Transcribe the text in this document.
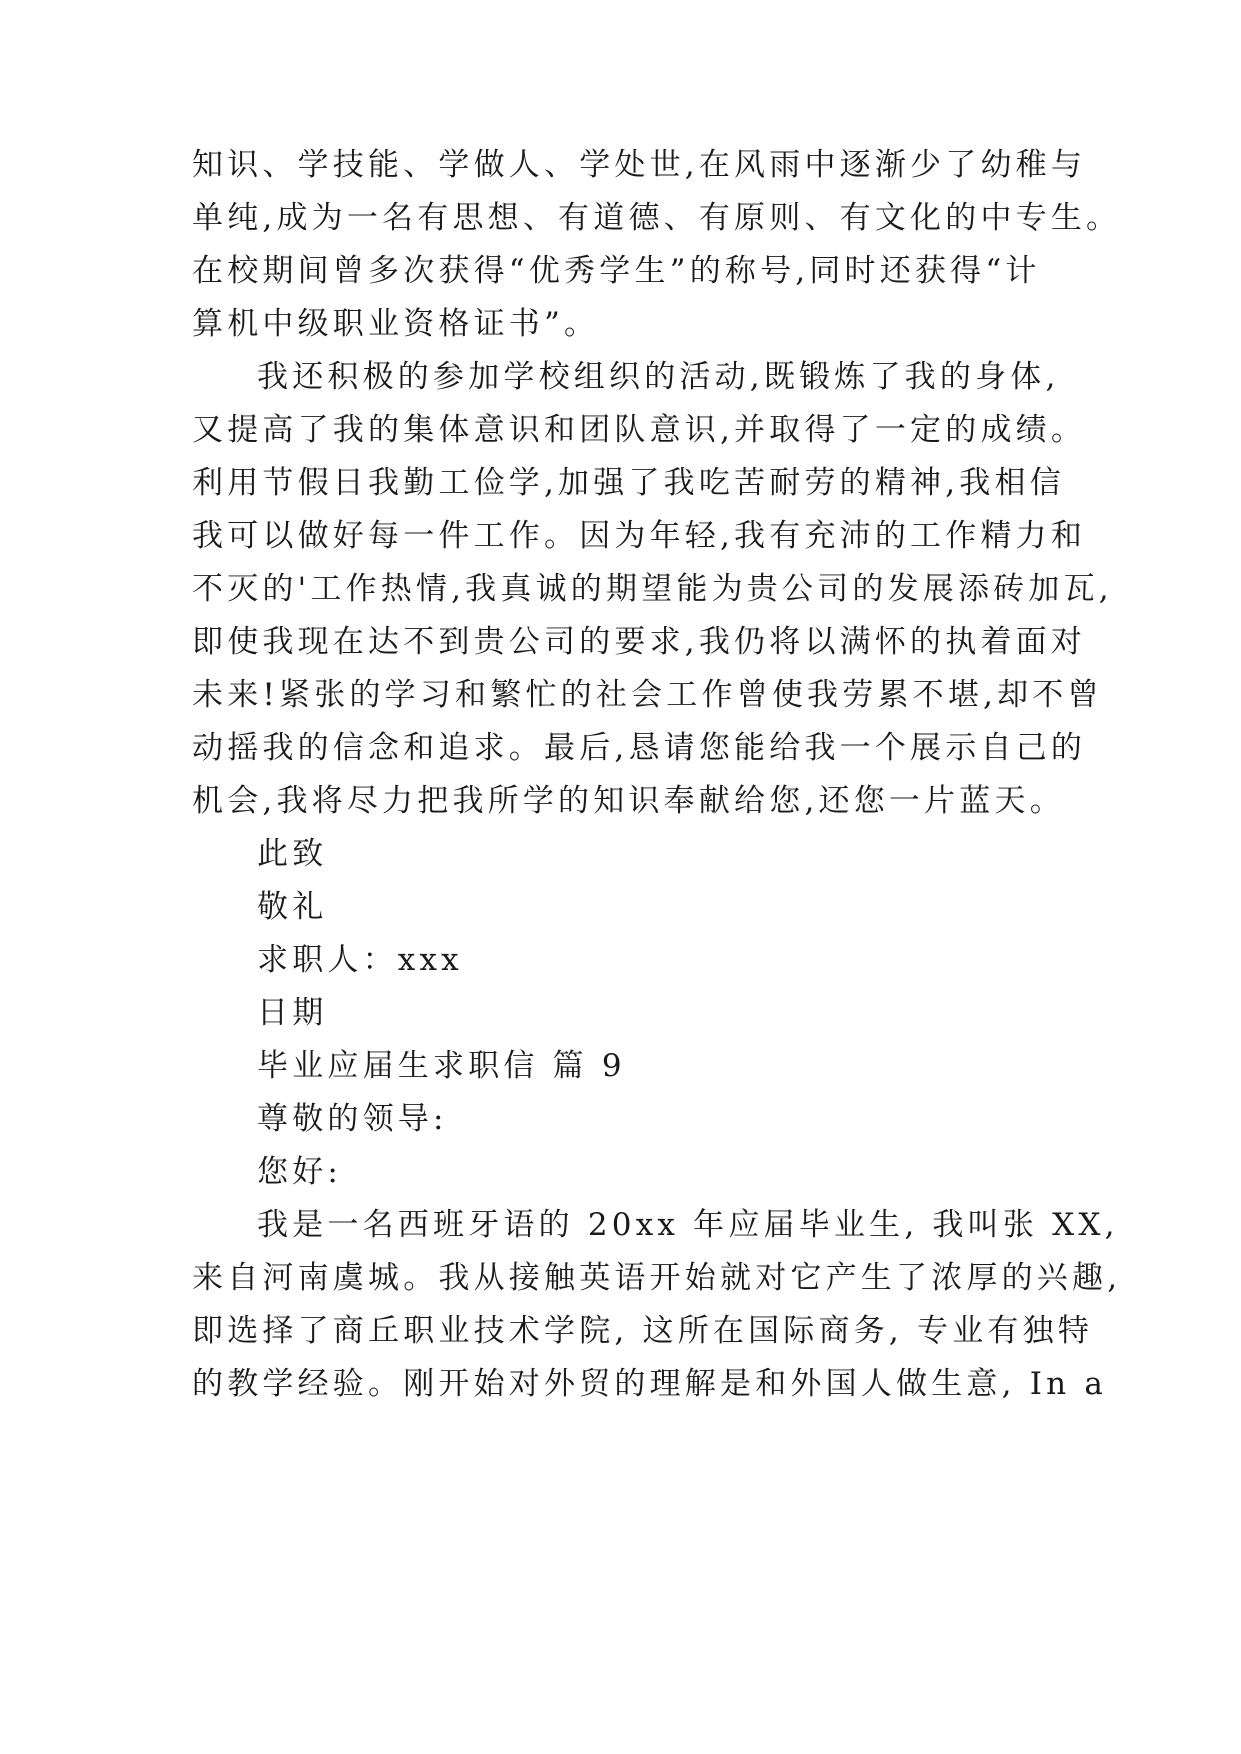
知识、学技能、学做人、学处世,在风雨中逐渐少了幼稚与
单纯,成为一名有思想、有道德、有原则、有文化的中专生。
在校期间曾多次获得“优秀学生”的称号,同时还获得“计
算机中级职业资格证书”。
我还积极的参加学校组织的活动,既锻炼了我的身体,
又提高了我的集体意识和团队意识,并取得了一定的成绩。
利用节假日我勤工俭学,加强了我吃苦耐劳的精神,我相信
我可以做好每一件工作。因为年轻,我有充沛的工作精力和
不灭的'工作热情,我真诚的期望能为贵公司的发展添砖加瓦,
即使我现在达不到贵公司的要求,我仍将以满怀的执着面对
未来!紧张的学习和繁忙的社会工作曾使我劳累不堪,却不曾
动摇我的信念和追求。最后,恳请您能给我一个展示自己的
机会,我将尽力把我所学的知识奉献给您,还您一片蓝天。
此致
敬礼
求职人：xxx
日期
毕业应届生求职信 篇 9
尊敬的领导:
您好:
我是一名西班牙语的 20xx 年应届毕业生, 我叫张 XX,
来自河南虞城。我从接触英语开始就对它产生了浓厚的兴趣,
即选择了商丘职业技术学院, 这所在国际商务, 专业有独特
的教学经验。刚开始对外贸的理解是和外国人做生意, In a
